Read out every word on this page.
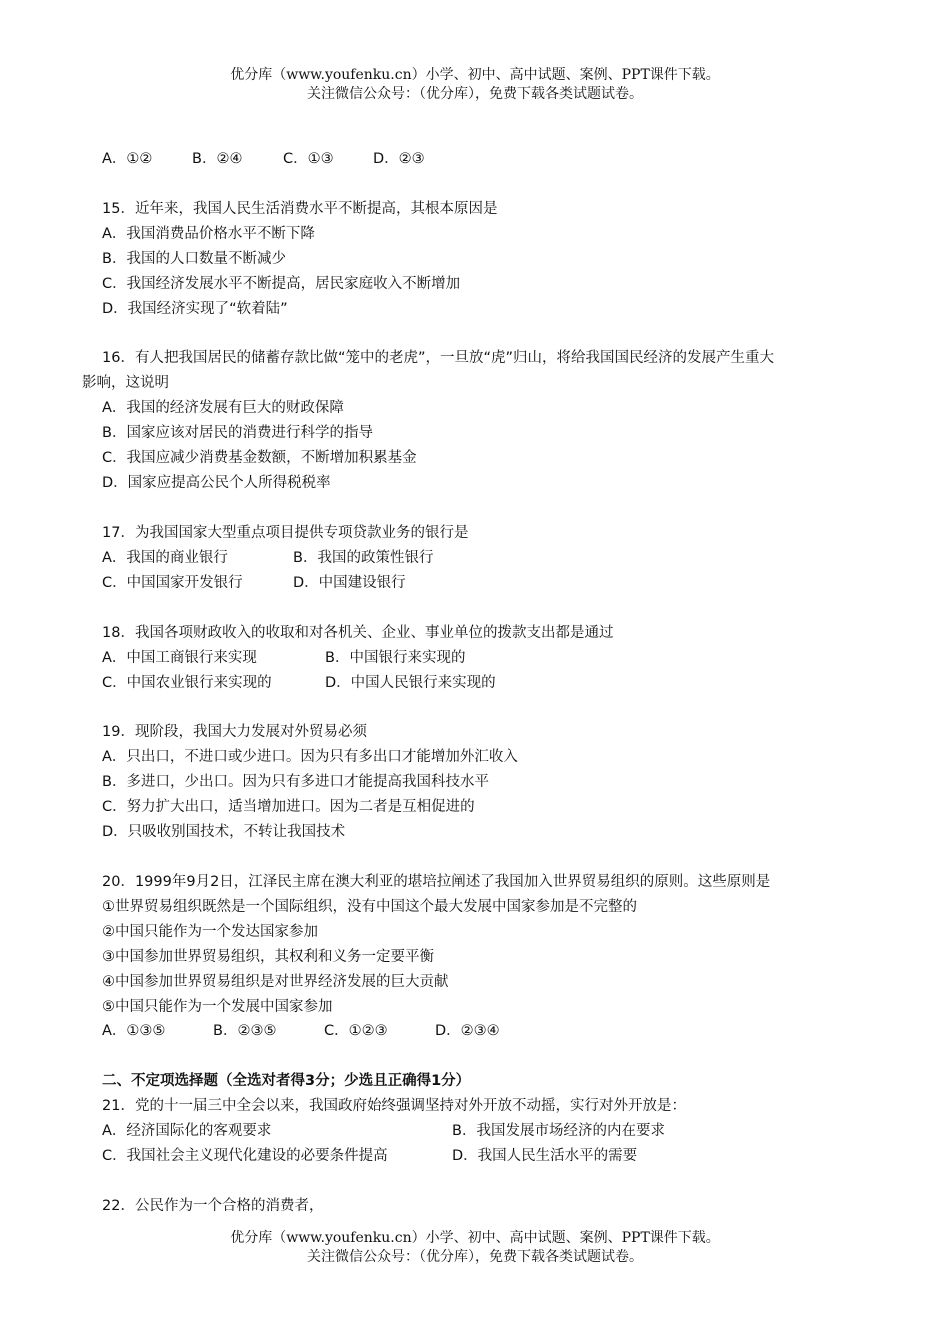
优分库（www.youfenku.cn）小学、初中、高中试题、案例、PPT课件下载。
关注微信公众号：（优分库），免费下载各类试题试卷。
A．①②	B．②④	C．①③	D．②③
15．近年来，我国人民生活消费水平不断提高，其根本原因是
A．我国消费品价格水平不断下降
B．我国的人口数量不断减少
C．我国经济发展水平不断提高，居民家庭收入不断增加
D．我国经济实现了“软着陆”
16．有人把我国居民的储蓄存款比做“笼中的老虎”，一旦放“虎”归山，将给我国国民经济的发展产生重大
影响，这说明
A．我国的经济发展有巨大的财政保障
B．国家应该对居民的消费进行科学的指导
C．我国应减少消费基金数额，不断增加积累基金
D．国家应提高公民个人所得税税率
17．为我国国家大型重点项目提供专项贷款业务的银行是
A．我国的商业银行	B．我国的政策性银行
C．中国国家开发银行	D．中国建设银行
18．我国各项财政收入的收取和对各机关、企业、事业单位的拨款支出都是通过
A．中国工商银行来实现	B．中国银行来实现的
C．中国农业银行来实现的	D．中国人民银行来实现的
19．现阶段，我国大力发展对外贸易必须
A．只出口，不进口或少进口。因为只有多出口才能增加外汇收入
B．多进口，少出口。因为只有多进口才能提高我国科技水平
C．努力扩大出口，适当增加进口。因为二者是互相促进的
D．只吸收别国技术，不转让我国技术
20．1999年9月2日，江泽民主席在澳大利亚的堪培拉阐述了我国加入世界贸易组织的原则。这些原则是
①世界贸易组织既然是一个国际组织，没有中国这个最大发展中国家参加是不完整的
②中国只能作为一个发达国家参加
③中国参加世界贸易组织，其权利和义务一定要平衡
④中国参加世界贸易组织是对世界经济发展的巨大贡献
⑤中国只能作为一个发展中国家参加
A．①③⑤	B．②③⑤	C．①②③	D．②③④
二、不定项选择题（全选对者得3分；少选且正确得1分）
21．党的十一届三中全会以来，我国政府始终强调坚持对外开放不动摇，实行对外开放是：
A．经济国际化的客观要求	B．我国发展市场经济的内在要求
C．我国社会主义现代化建设的必要条件提高	D．我国人民生活水平的需要
22．公民作为一个合格的消费者，
优分库（www.youfenku.cn）小学、初中、高中试题、案例、PPT课件下载。
关注微信公众号：（优分库），免费下载各类试题试卷。
